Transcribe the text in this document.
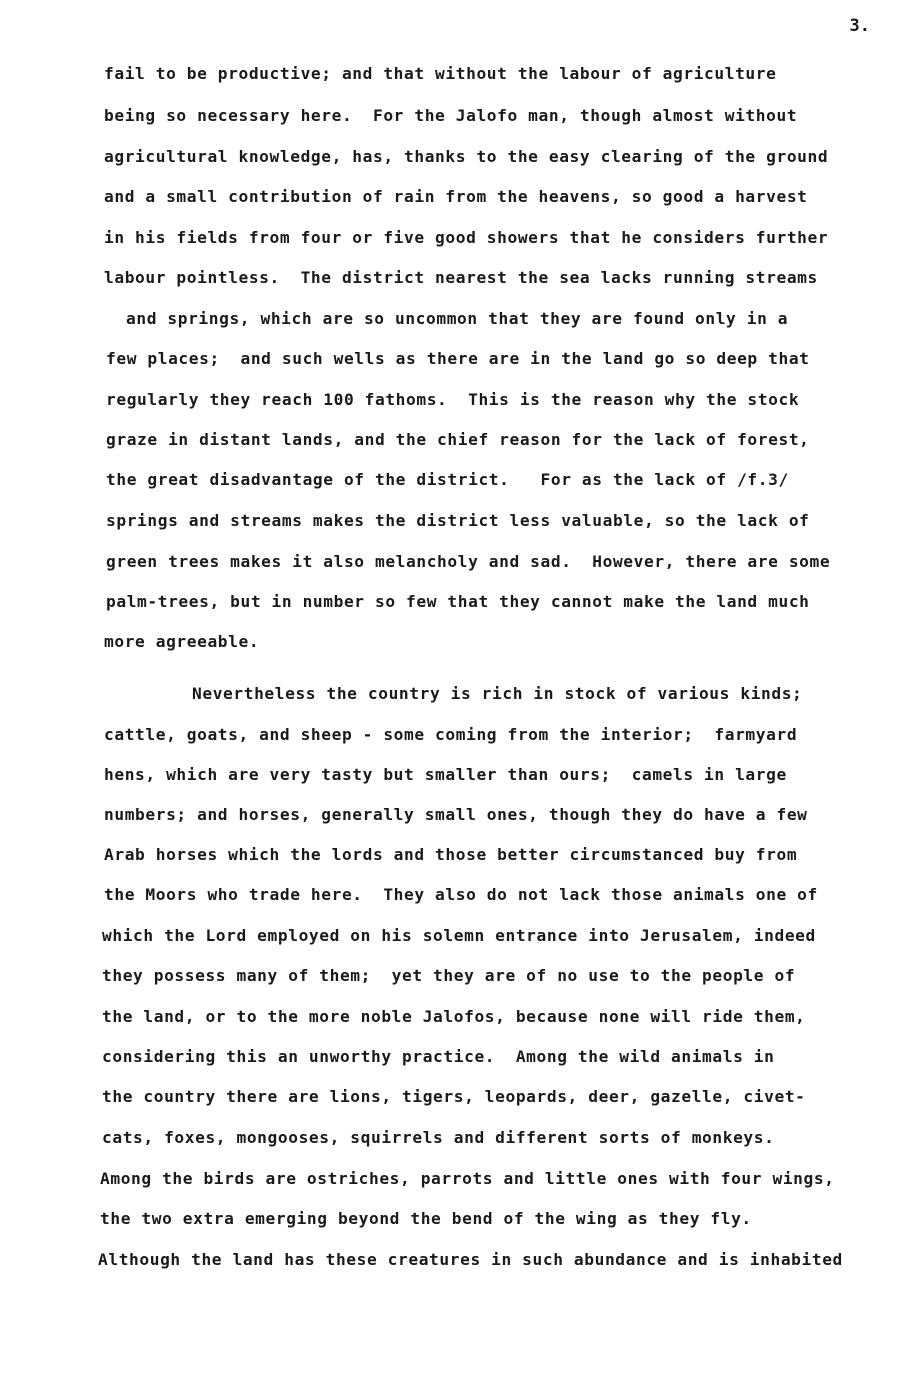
3.
fail to be productive; and that without the labour of agriculture
being so necessary here.  For the Jalofo man, though almost without
agricultural knowledge, has, thanks to the easy clearing of the ground
and a small contribution of rain from the heavens, so good a harvest
in his fields from four or five good showers that he considers further
labour pointless.  The district nearest the sea lacks running streams
and springs, which are so uncommon that they are found only in a
few places;  and such wells as there are in the land go so deep that
regularly they reach 100 fathoms.  This is the reason why the stock
graze in distant lands, and the chief reason for the lack of forest,
the great disadvantage of the district.   For as the lack of /f.3/
springs and streams makes the district less valuable, so the lack of
green trees makes it also melancholy and sad.  However, there are some
palm-trees, but in number so few that they cannot make the land much
more agreeable.
Nevertheless the country is rich in stock of various kinds;
cattle, goats, and sheep - some coming from the interior;  farmyard
hens, which are very tasty but smaller than ours;  camels in large
numbers; and horses, generally small ones, though they do have a few
Arab horses which the lords and those better circumstanced buy from
the Moors who trade here.  They also do not lack those animals one of
which the Lord employed on his solemn entrance into Jerusalem, indeed
they possess many of them;  yet they are of no use to the people of
the land, or to the more noble Jalofos, because none will ride them,
considering this an unworthy practice.  Among the wild animals in
the country there are lions, tigers, leopards, deer, gazelle, civet-
cats, foxes, mongooses, squirrels and different sorts of monkeys.
Among the birds are ostriches, parrots and little ones with four wings,
the two extra emerging beyond the bend of the wing as they fly.
Although the land has these creatures in such abundance and is inhabited
